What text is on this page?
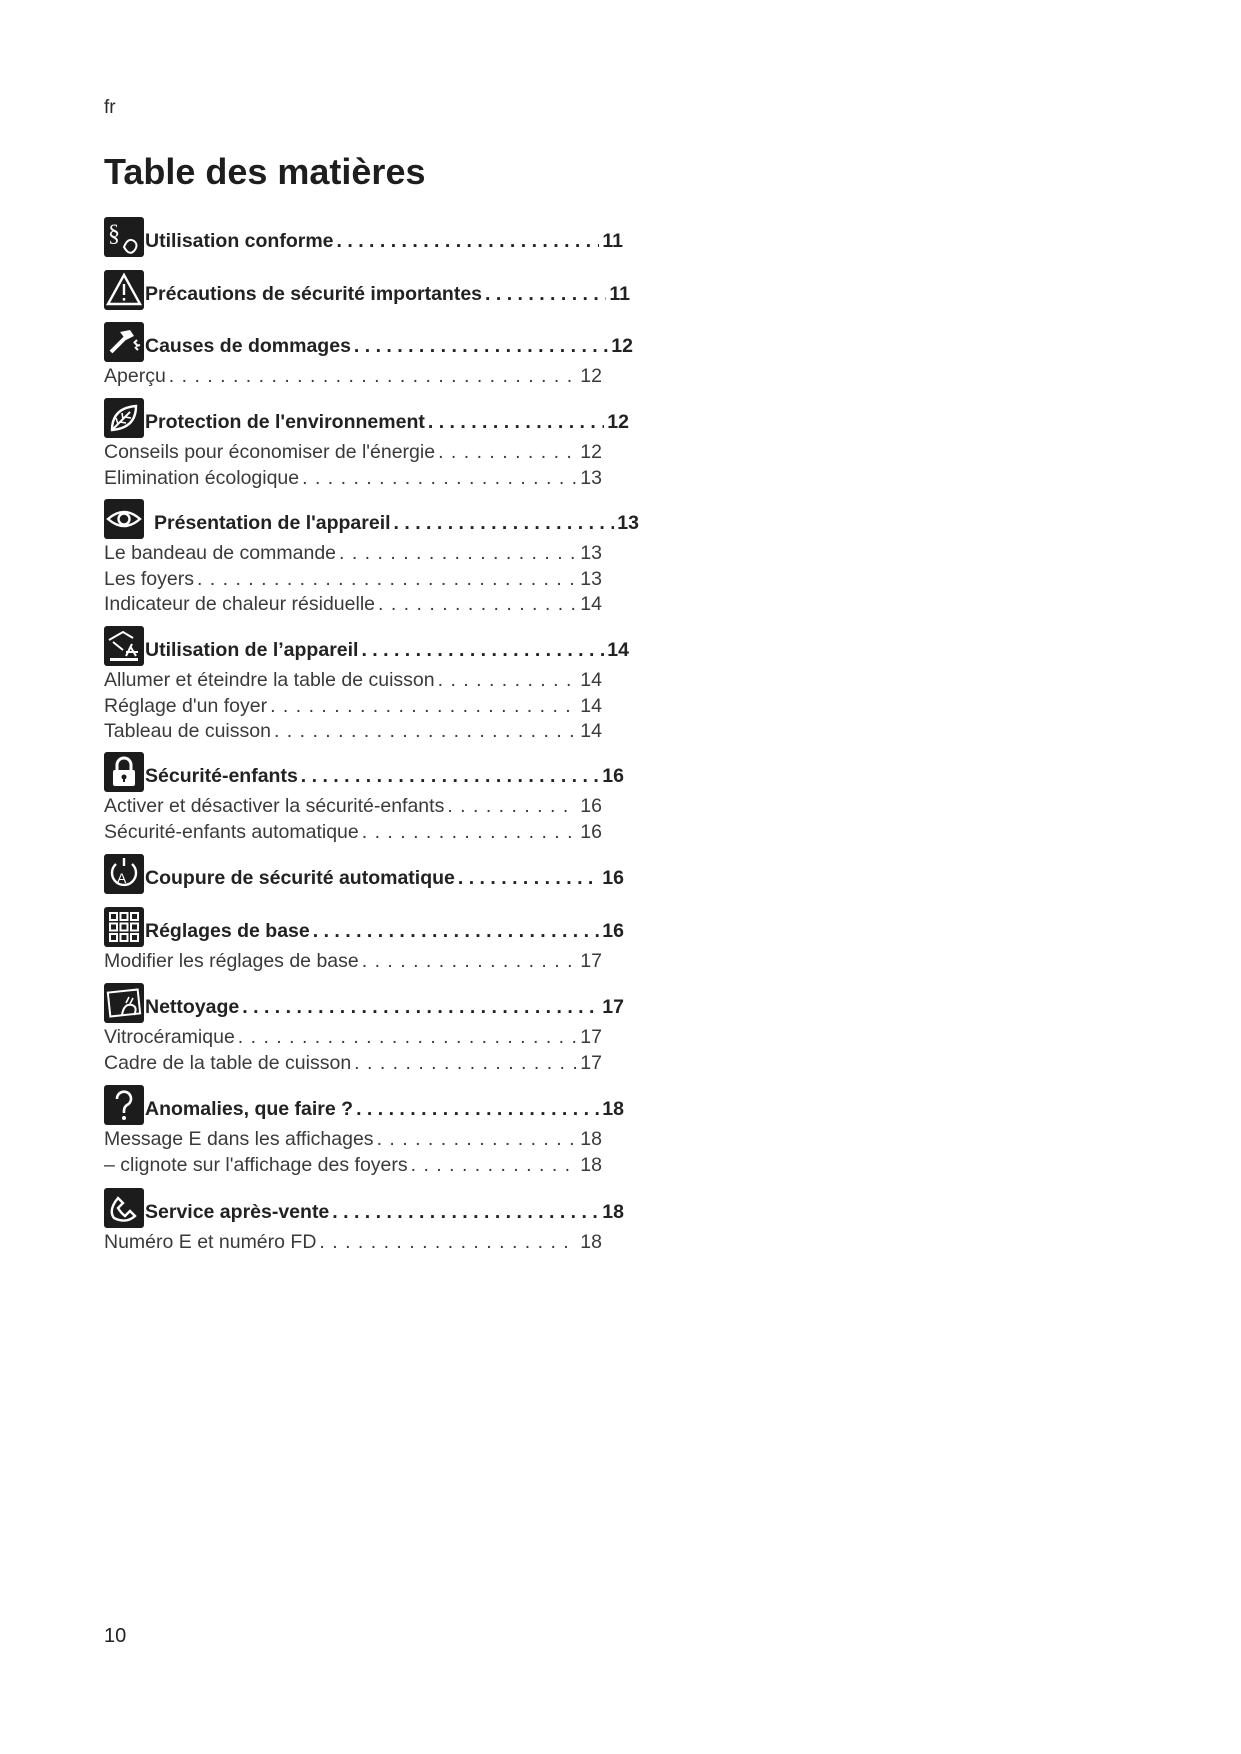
fr
Table des matières
§ Utilisation conforme . . .	11
Précautions de sécurité importantes . . .	11
Causes de dommages . . .	12
Aperçu . . .	12
Protection de l'environnement . . .	12
Conseils pour économiser de l'énergie . . .	12
Elimination écologique . . .	13
Présentation de l'appareil . . .	13
Le bandeau de commande . . .	13
Les foyers . . .	13
Indicateur de chaleur résiduelle . . .	14
Utilisation de l’appareil . . .	14
Allumer et éteindre la table de cuisson . . .	14
Réglage d'un foyer . . .	14
Tableau de cuisson . . .	14
Sécurité-enfants . . .	16
Activer et désactiver la sécurité‐enfants . . .	16
Sécurité‐enfants automatique . . .	16
A Coupure de sécurité automatique . . .	16
Réglages de base . . .	16
Modifier les réglages de base . . .	17
Nettoyage . . .	17
Vitrocéramique . . .	17
Cadre de la table de cuisson . . .	17
Anomalies, que faire ? . . .	18
Message E dans les affichages . . .	18
‒ clignote sur l'affichage des foyers . . .	18
Service après-vente . . .	18
Numéro E et numéro FD . . .	18
10
